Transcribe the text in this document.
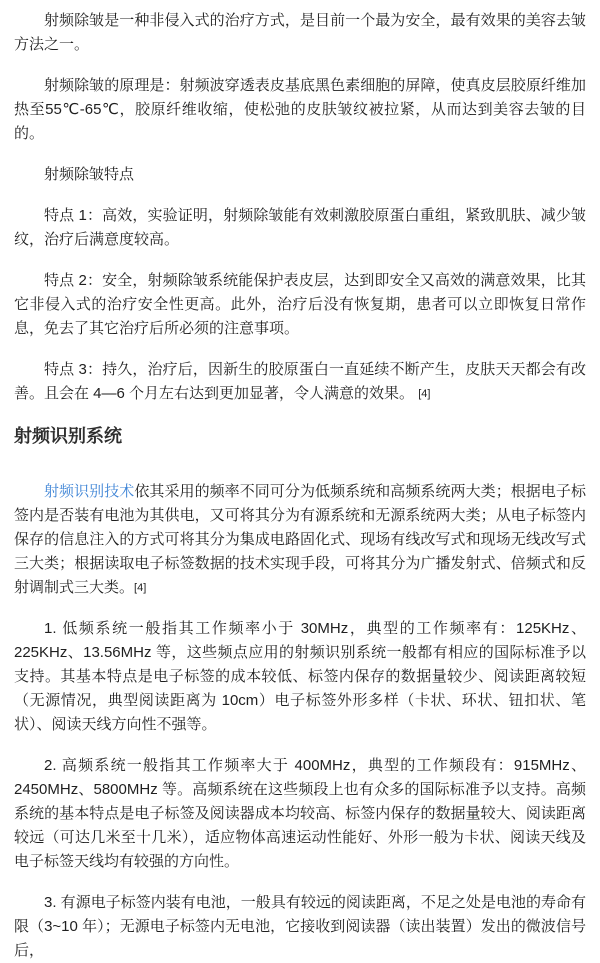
射频除皱是一种非侵入式的治疗方式，是目前一个最为安全，最有效果的美容去皱方法之一。

射频除皱的原理是：射频波穿透表皮基底黑色素细胞的屏障，使真皮层胶原纤维加热至55℃-65℃，胶原纤维收缩，使松弛的皮肤皱纹被拉紧，从而达到美容去皱的目的。

射频除皱特点

特点 1：高效，实验证明，射频除皱能有效刺激胶原蛋白重组，紧致肌肤、减少皱纹，治疗后满意度较高。

特点 2：安全，射频除皱系统能保护表皮层，达到即安全又高效的满意效果，比其它非侵入式的治疗安全性更高。此外，治疗后没有恢复期，患者可以立即恢复日常作息，免去了其它治疗后所必须的注意事项。

特点 3：持久，治疗后，因新生的胶原蛋白一直延续不断产生，皮肤天天都会有改善。且会在 4—6 个月左右达到更加显著，令人满意的效果。 [4]

射频识别系统

射频识别技术依其采用的频率不同可分为低频系统和高频系统两大类；根据电子标签内是否装有电池为其供电，又可将其分为有源系统和无源系统两大类；从电子标签内保存的信息注入的方式可将其分为集成电路固化式、现场有线改写式和现场无线改写式三大类；根据读取电子标签数据的技术实现手段，可将其分为广播发射式、倍频式和反射调制式三大类。[4]

1. 低频系统一般指其工作频率小于 30MHz，典型的工作频率有：125KHz、225KHz、13.56MHz 等，这些频点应用的射频识别系统一般都有相应的国际标准予以支持。其基本特点是电子标签的成本较低、标签内保存的数据量较少、阅读距离较短（无源情况，典型阅读距离为 10cm）电子标签外形多样（卡状、环状、钮扣状、笔状）、阅读天线方向性不强等。

2. 高频系统一般指其工作频率大于 400MHz，典型的工作频段有：915MHz、2450MHz、5800MHz 等。高频系统在这些频段上也有众多的国际标准予以支持。高频系统的基本特点是电子标签及阅读器成本均较高、标签内保存的数据量较大、阅读距离较远（可达几米至十几米），适应物体高速运动性能好、外形一般为卡状、阅读天线及电子标签天线均有较强的方向性。

3. 有源电子标签内装有电池，一般具有较远的阅读距离，不足之处是电池的寿命有限（3~10 年）；无源电子标签内无电池，它接收到阅读器（读出装置）发出的微波信号后，
